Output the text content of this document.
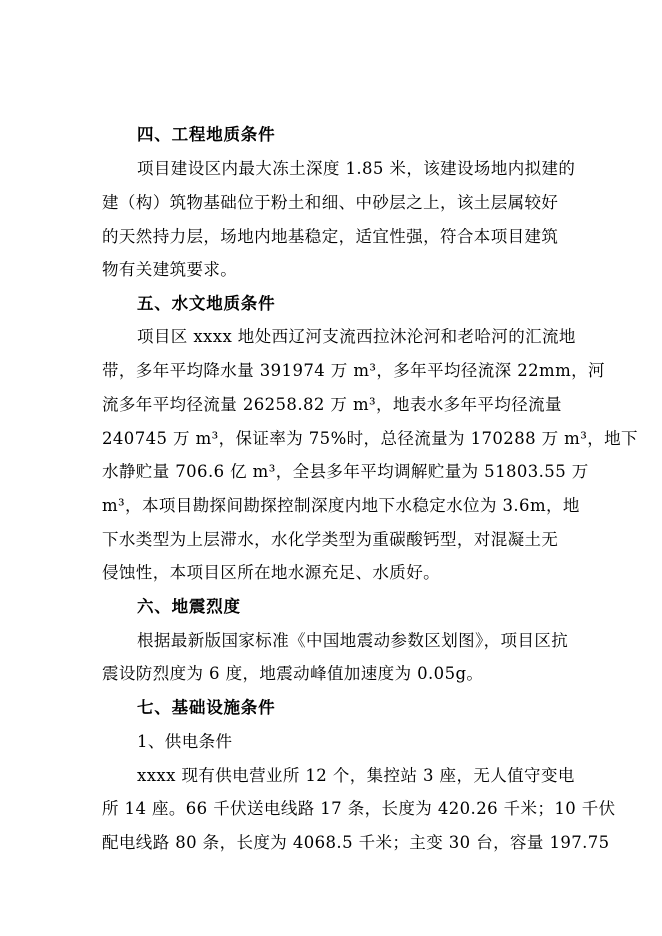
四、工程地质条件
项目建设区内最大冻土深度 1.85 米，该建设场地内拟建的
建（构）筑物基础位于粉土和细、中砂层之上，该土层属较好
的天然持力层，场地内地基稳定，适宜性强，符合本项目建筑
物有关建筑要求。
五、水文地质条件
项目区 xxxx 地处西辽河支流西拉沐沦河和老哈河的汇流地
带，多年平均降水量 391974 万 m³，多年平均径流深 22mm，河
流多年平均径流量 26258.82 万 m³，地表水多年平均径流量
240745 万 m³，保证率为 75%时，总径流量为 170288 万 m³，地下
水静贮量 706.6 亿 m³，全县多年平均调解贮量为 51803.55 万
m³，本项目勘探间勘探控制深度内地下水稳定水位为 3.6m，地
下水类型为上层滞水，水化学类型为重碳酸钙型，对混凝土无
侵蚀性，本项目区所在地水源充足、水质好。
六、地震烈度
根据最新版国家标准《中国地震动参数区划图》，项目区抗
震设防烈度为 6 度，地震动峰值加速度为 0.05g。
七、基础设施条件
1、供电条件
xxxx 现有供电营业所 12 个，集控站 3 座，无人值守变电
所 14 座。66 千伏送电线路 17 条，长度为 420.26 千米；10 千伏
配电线路 80 条，长度为 4068.5 千米；主变 30 台，容量 197.75
